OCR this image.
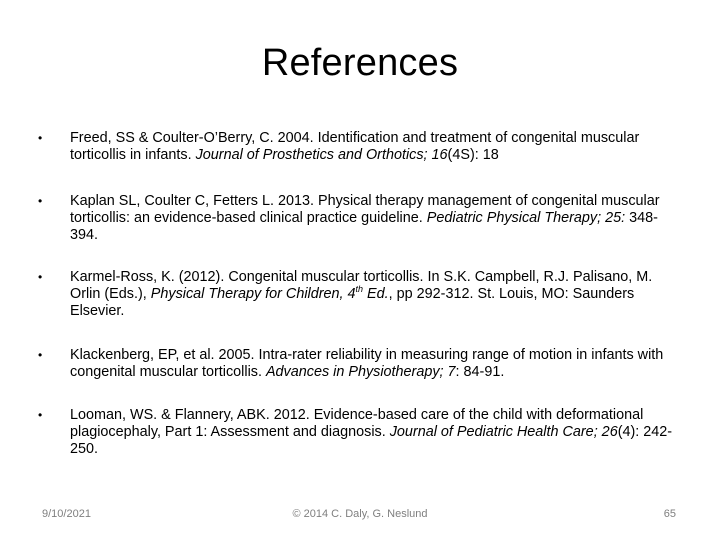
References
• Freed, SS & Coulter-O’Berry, C. 2004. Identification and treatment of congenital muscular torticollis in infants. Journal of Prosthetics and Orthotics; 16(4S): 18
• Kaplan SL, Coulter C, Fetters L. 2013. Physical therapy management of congenital muscular torticollis: an evidence-based clinical practice guideline. Pediatric Physical Therapy; 25: 348-394.
• Karmel-Ross, K. (2012). Congenital muscular torticollis. In S.K. Campbell, R.J. Palisano, M. Orlin (Eds.), Physical Therapy for Children, 4th Ed., pp 292-312. St. Louis, MO: Saunders Elsevier.
• Klackenberg, EP, et al. 2005. Intra-rater reliability in measuring range of motion in infants with congenital muscular torticollis. Advances in Physiotherapy; 7: 84-91.
• Looman, WS. & Flannery, ABK. 2012. Evidence-based care of the child with deformational plagiocephaly, Part 1: Assessment and diagnosis. Journal of Pediatric Health Care; 26(4): 242-250.
9/10/2021	© 2014 C. Daly, G. Neslund	65
